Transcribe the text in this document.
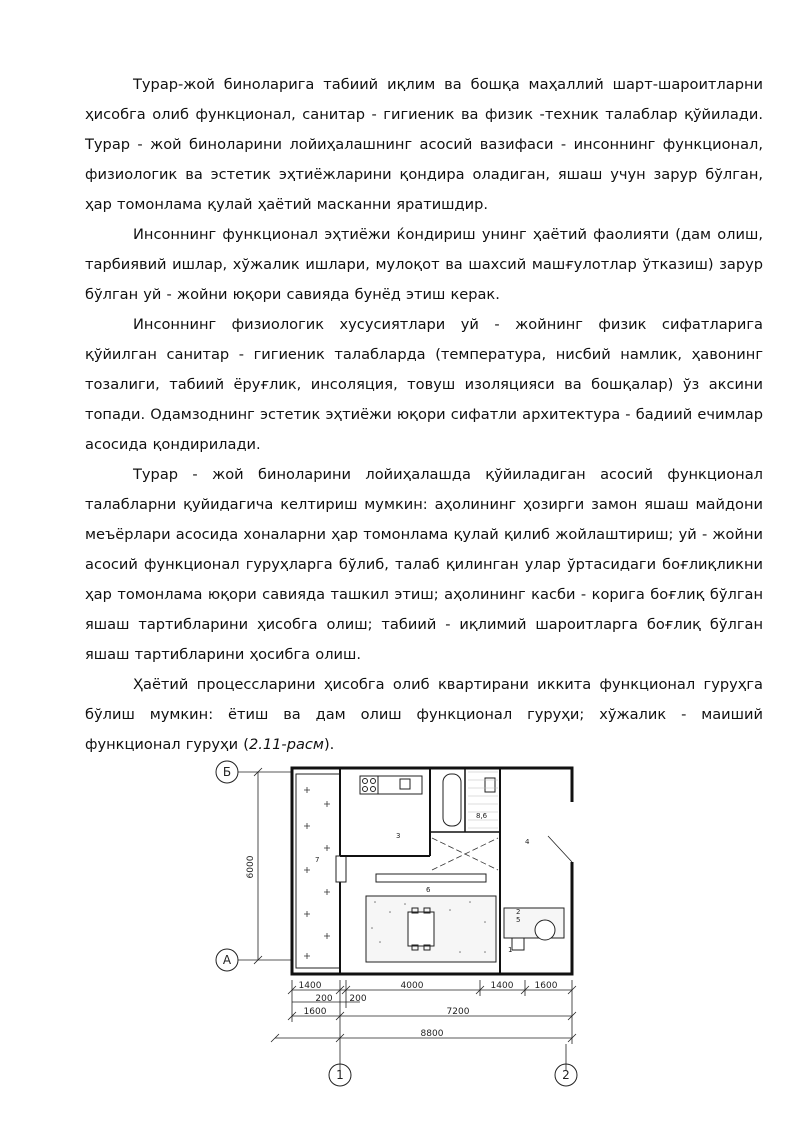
Турар-жой биноларига табиий иқлим ва бошқа маҳаллий шарт-шароитларни ҳисобга олиб функционал, санитар - гигиеник ва физик -техник талаблар қўйилади. Турар - жой биноларини лойиҳалашнинг асосий вазифаси - инсоннинг функционал, физиологик ва эстетик эҳтиёжларини қондира оладиган, яшаш учун зарур бўлган, ҳар томонлама қулай ҳаётий масканни яратишдир.

Инсоннинг функционал эҳтиёжи ќондириш унинг ҳаётий фаолияти (дам олиш, тарбиявий ишлар, хўжалик ишлари, мулоқот ва шахсий машғулотлар ўтказиш) зарур бўлган уй - жойни юқори савияда бунёд этиш керак.

Инсоннинг физиологик хусусиятлари уй - жойнинг физик сифатларига қўйилган санитар - гигиеник талабларда (температура, нисбий намлик, ҳавонинг тозалиги, табиий ёруғлик, инсоляция, товуш изоляцияси ва бошқалар) ўз аксини топади. Одамзоднинг эстетик эҳтиёжи юқори сифатли архитектура - бадиий ечимлар асосида қондирилади.

Турар - жой биноларини лойиҳалашда қўйиладиган асосий функционал талабларни қуйидагича келтириш мумкин: аҳолининг ҳозирги замон яшаш майдони меъёрлари асосида хоналарни ҳар томонлама қулай қилиб жойлаштириш; уй - жойни асосий функционал гуруҳларга бўлиб, талаб қилинган улар ўртасидаги боғлиқликни ҳар томонлама юқори савияда ташкил этиш; аҳолининг касби - корига боғлиқ бўлган яшаш тартибларини ҳисобга олиш; табиий - иқлимий шароитларга боғлиқ бўлган яшаш тартибларини ҳосибга олиш.

Ҳаётий процессларини ҳисобга олиб квартирани иккита функционал гуруҳга бўлиш мумкин: ётиш ва дам олиш функционал гуруҳи; хўжалик - маиший функционал гуруҳи (2.11-расм).

Б
А
6000	7
3
4
6
2
5
1
8,6
1400	4000	1400 1600
200 200
1600	7200
8800
1	2
